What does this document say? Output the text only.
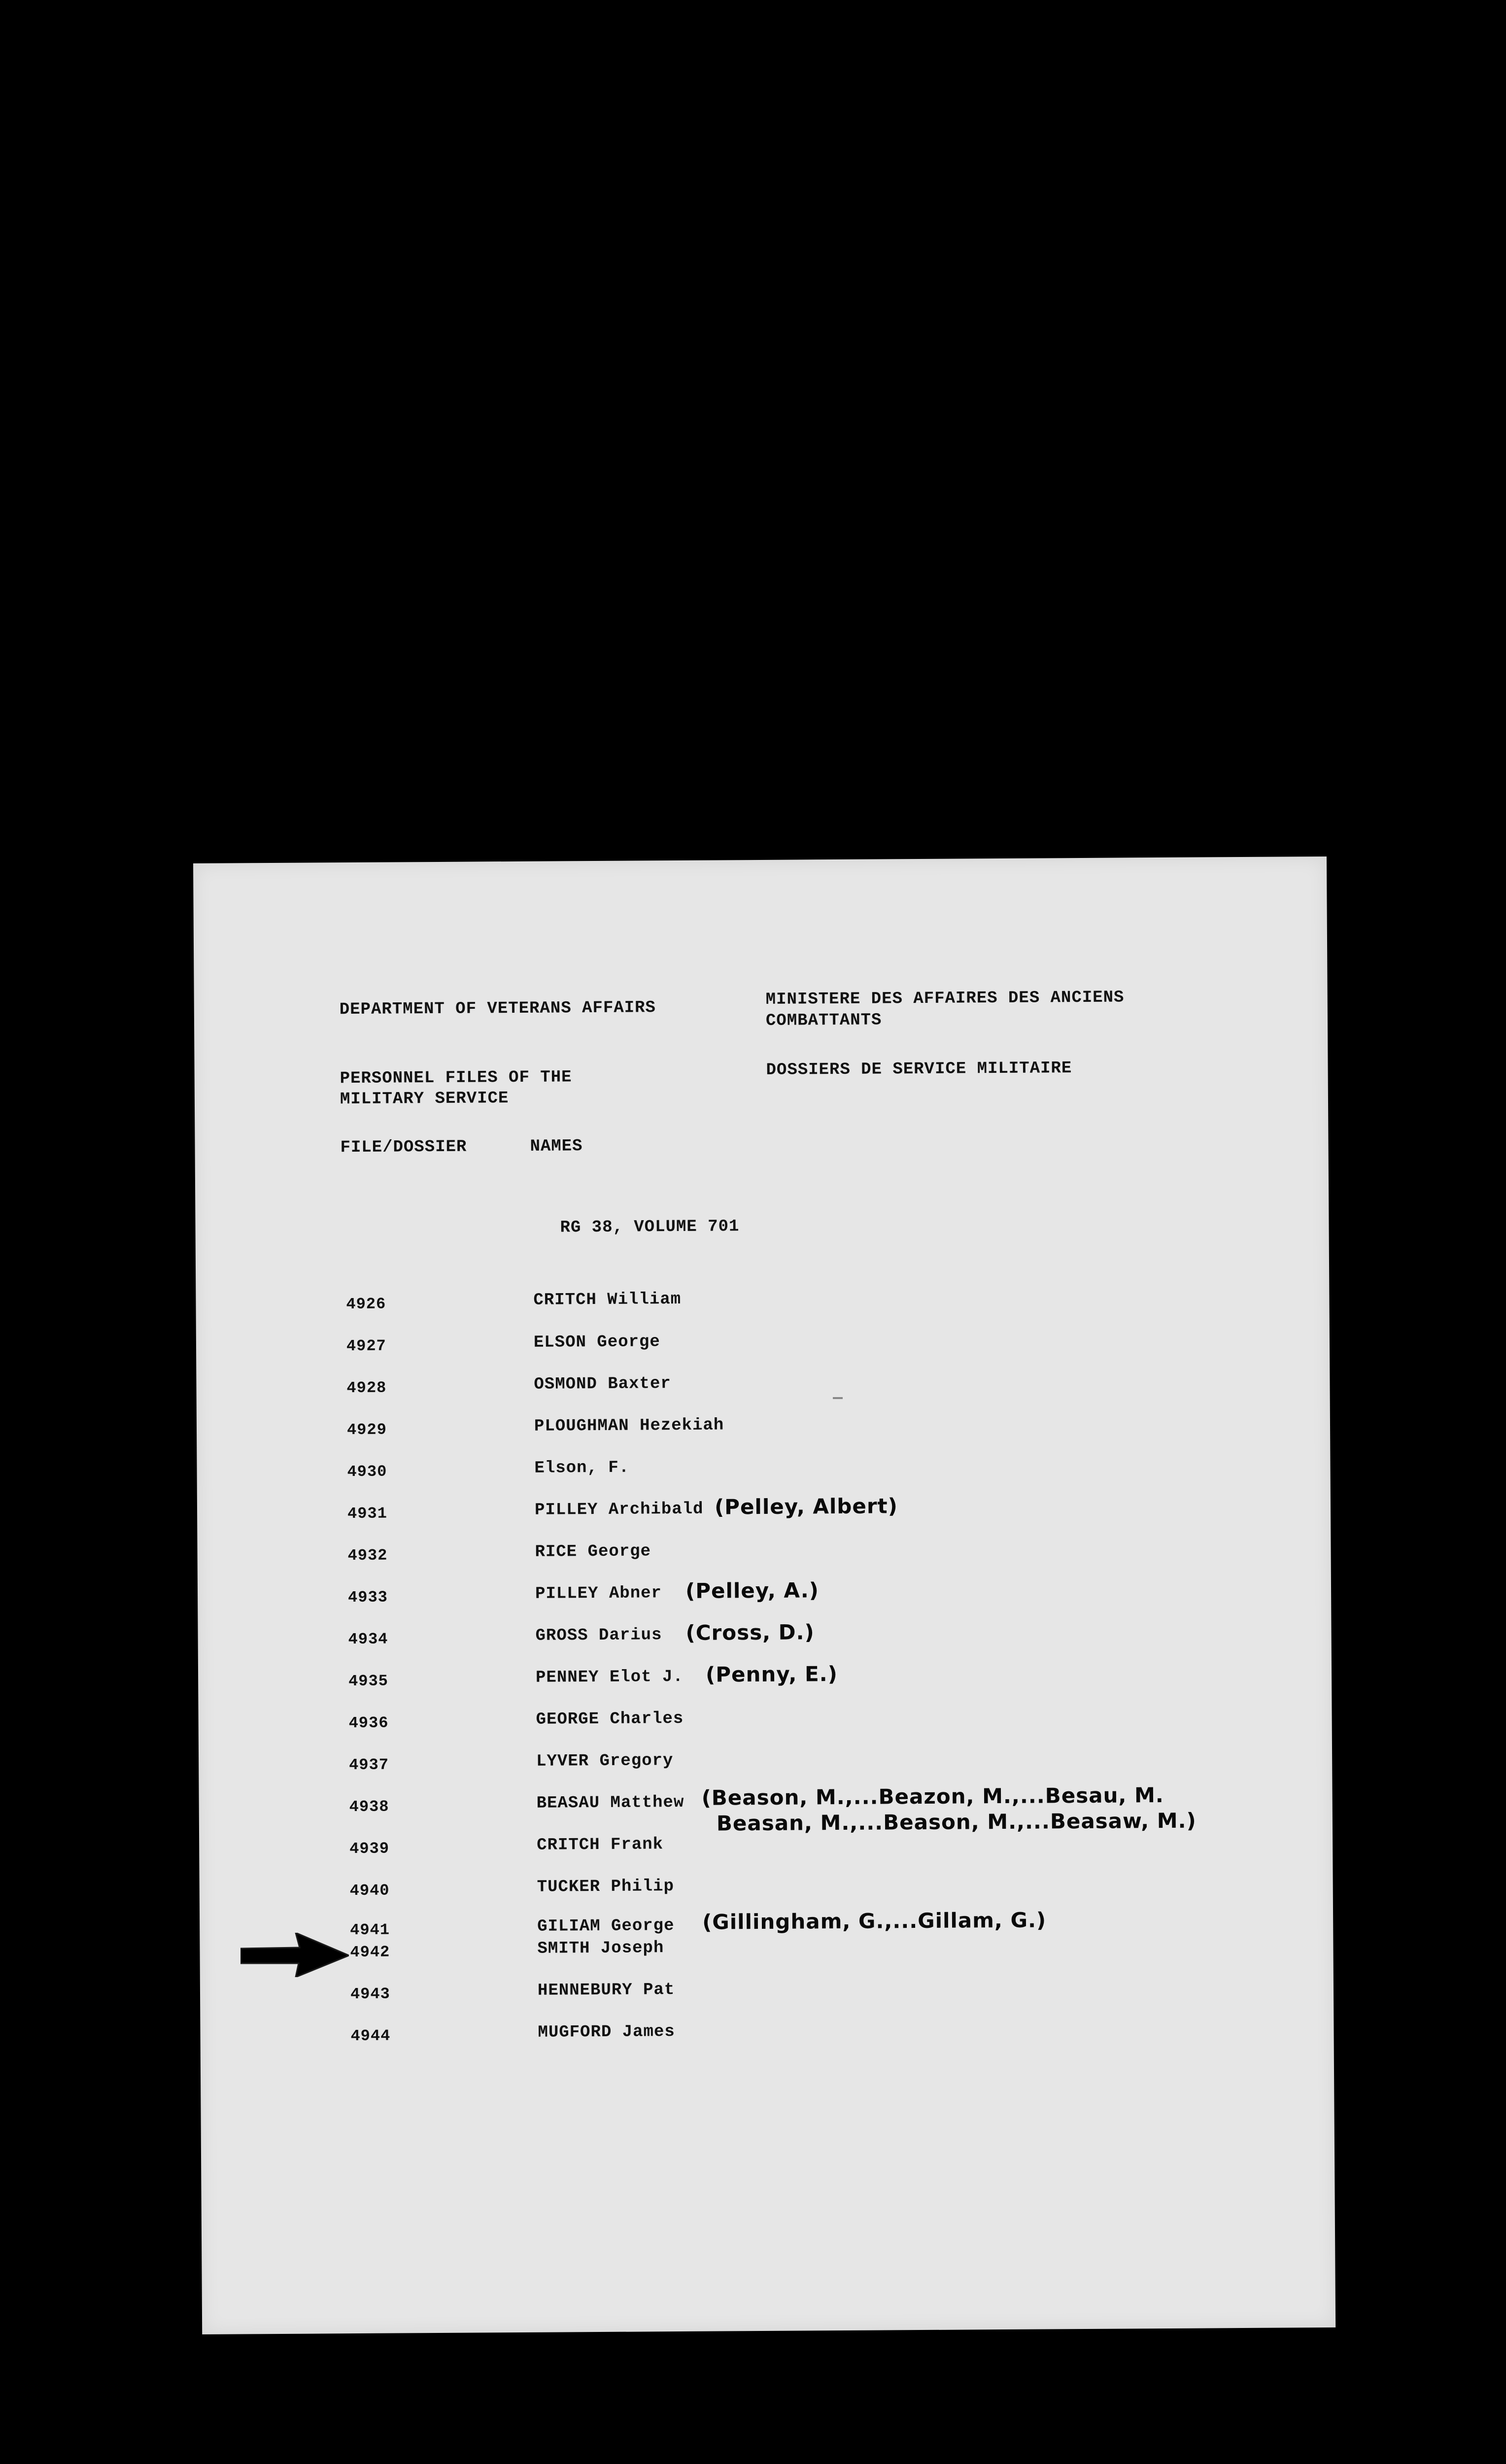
DEPARTMENT OF VETERANS AFFAIRS	MINISTERE DES AFFAIRES DES ANCIENS
COMBATTANTS
PERSONNEL FILES OF THE
MILITARY SERVICE
DOSSIERS DE SERVICE MILITAIRE
FILE/DOSSIER	NAMES
RG 38, VOLUME 701
4926	CRITCH William
4927	ELSON George
4928	OSMOND Baxter
4929	PLOUGHMAN Hezekiah
4930	Elson, F.
4931	PILLEY Archibald (Pelley, Albert)
4932	RICE George
4933	PILLEY Abner (Pelley, A.)
4934	GROSS Darius (Cross, D.)
4935	PENNEY Elot J. (Penny, E.)
4936	GEORGE Charles
4937	LYVER Gregory
4938	BEASAU Matthew (Beason, M.,...Beazon, M.,...Besau, M.
Beasan, M.,...Beason, M.,...Beasaw, M.)
4939	CRITCH Frank
4940	TUCKER Philip
4941	GILIAM George (Gillingham, G.,...Gillam, G.)
4942	SMITH Joseph
4943	HENNEBURY Pat
4944	MUGFORD James
